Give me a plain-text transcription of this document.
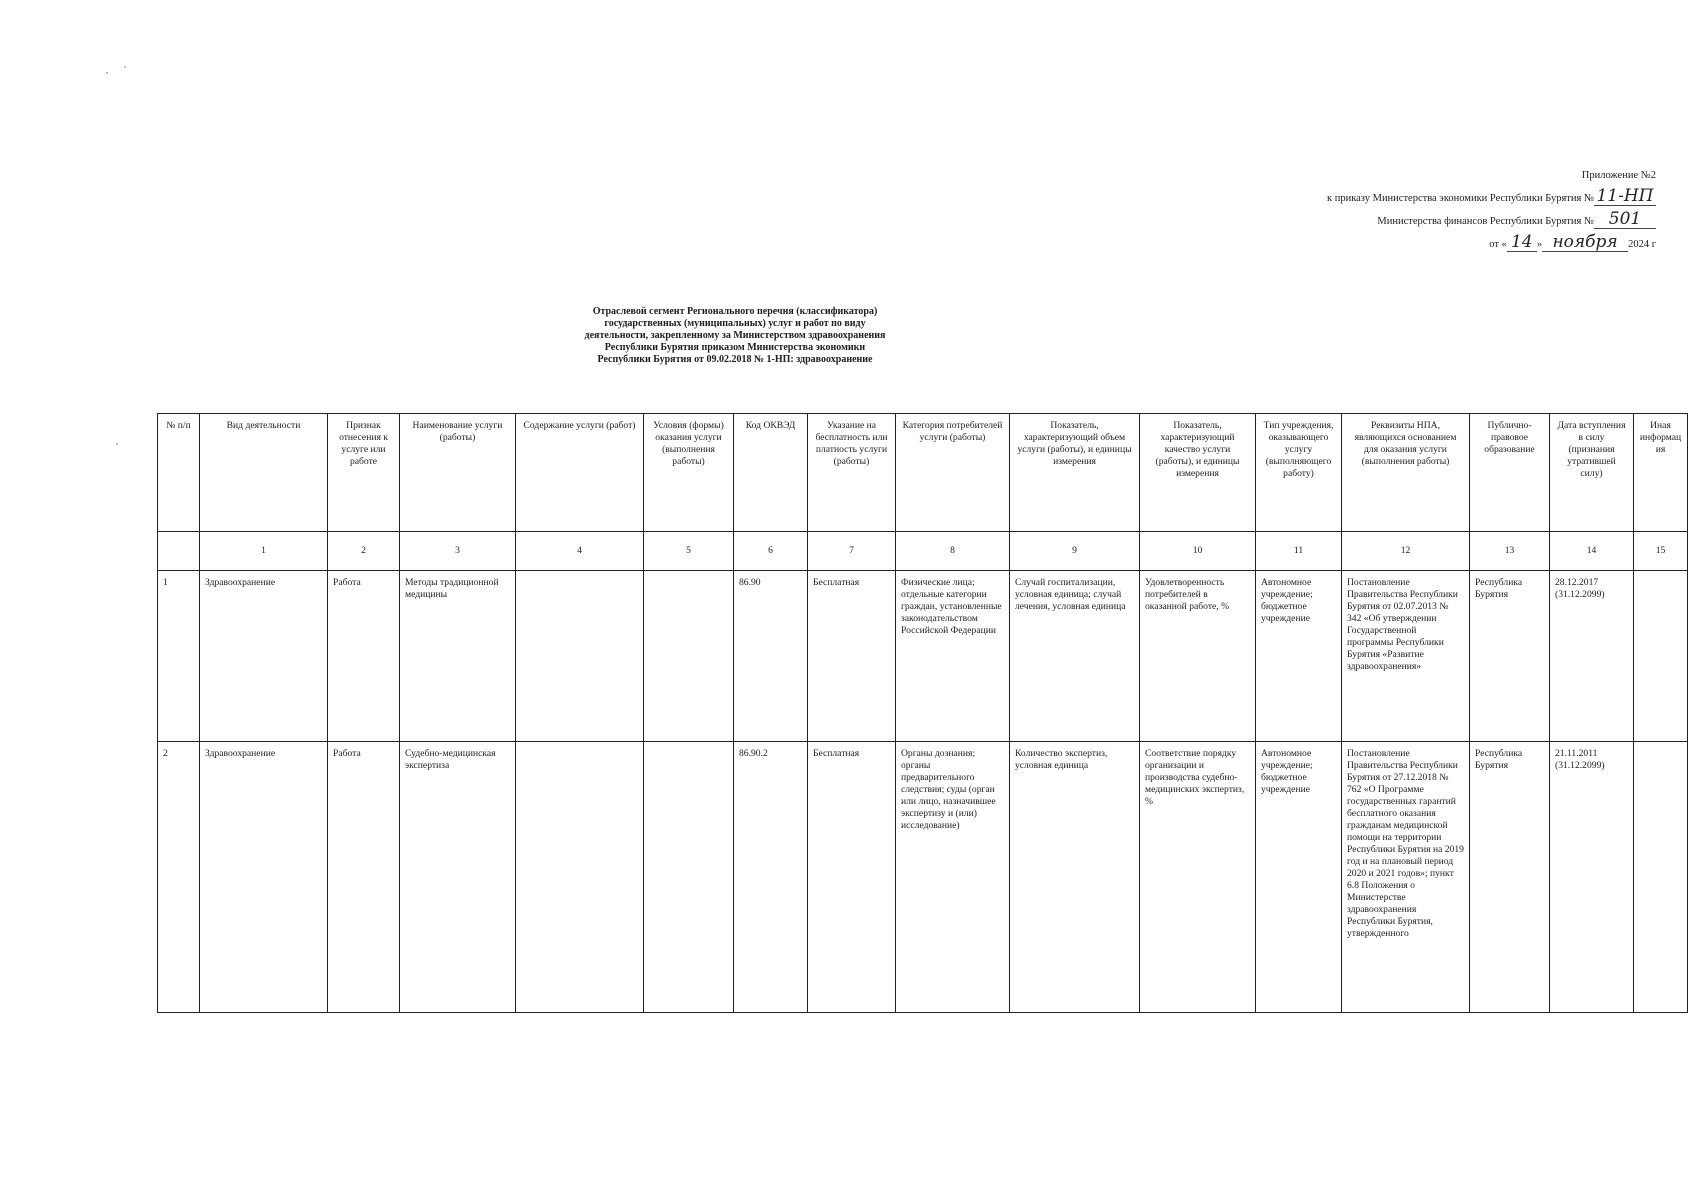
Приложение №2
к приказу Министерства экономики Республики Бурятия № 11-НП
Министерства финансов Республики Бурятия № 501
от « 14 » ноября 2024 г
Отраслевой сегмент Регионального перечня (классификатора)
государственных (муниципальных) услуг и работ по виду
деятельности, закрепленному за Министерством здравоохранения
Республики Бурятия приказом Министерства экономики
Республики Бурятия от 09.02.2018 № 1-НП: здравоохранение
№ п/п	Вид деятельности	Признак отнесения к услуге или работе	Наименование услуги (работы)	Содержание услуги (работ)	Условия (формы) оказания услуги (выполнения работы)	Код ОКВЭД	Указание на бесплатность или платность услуги (работы)	Категория потребителей услуги (работы)	Показатель, характеризующий объем услуги (работы), и единицы измерения	Показатель, характеризующий качество услуги (работы), и единицы измерения	Тип учреждения, оказывающего услугу (выполняющего работу)	Реквизиты НПА, являющихся основанием для оказания услуги (выполнения работы)	Публично-правовое образование	Дата вступления в силу (признания утратившей силу)	Иная информация
	1	2	3	4	5	6	7	8	9	10	11	12	13	14	15
1	Здравоохранение	Работа	Методы традиционной медицины			86.90	Бесплатная	Физические лица; отдельные категории граждан, установленные законодательством Российской Федерации	Случай госпитализации, условная единица; случай лечения, условная единица	Удовлетворенность потребителей в оказанной работе, %	Автономное учреждение; бюджетное учреждение	Постановление Правительства Республики Бурятия от 02.07.2013 № 342 «Об утверждении Государственной программы Республики Бурятия «Развитие здравоохранения»	Республика Бурятия	28.12.2017 (31.12.2099)	
2	Здравоохранение	Работа	Судебно-медицинская экспертиза			86.90.2	Бесплатная	Органы дознания; органы предварительного следствия; суды (орган или лицо, назначившее экспертизу и (или) исследование)	Количество экспертиз, условная единица	Соответствие порядку организации и производства судебно-медицинских экспертиз, %	Автономное учреждение; бюджетное учреждение	Постановление Правительства Республики Бурятия от 27.12.2018 № 762 «О Программе государственных гарантий бесплатного оказания гражданам медицинской помощи на территории Республики Бурятия на 2019 год и на плановый период 2020 и 2021 годов»; пункт 6.8 Положения о Министерстве здравоохранения Республики Бурятия, утвержденного	Республика Бурятия	21.11.2011 (31.12.2099)	
